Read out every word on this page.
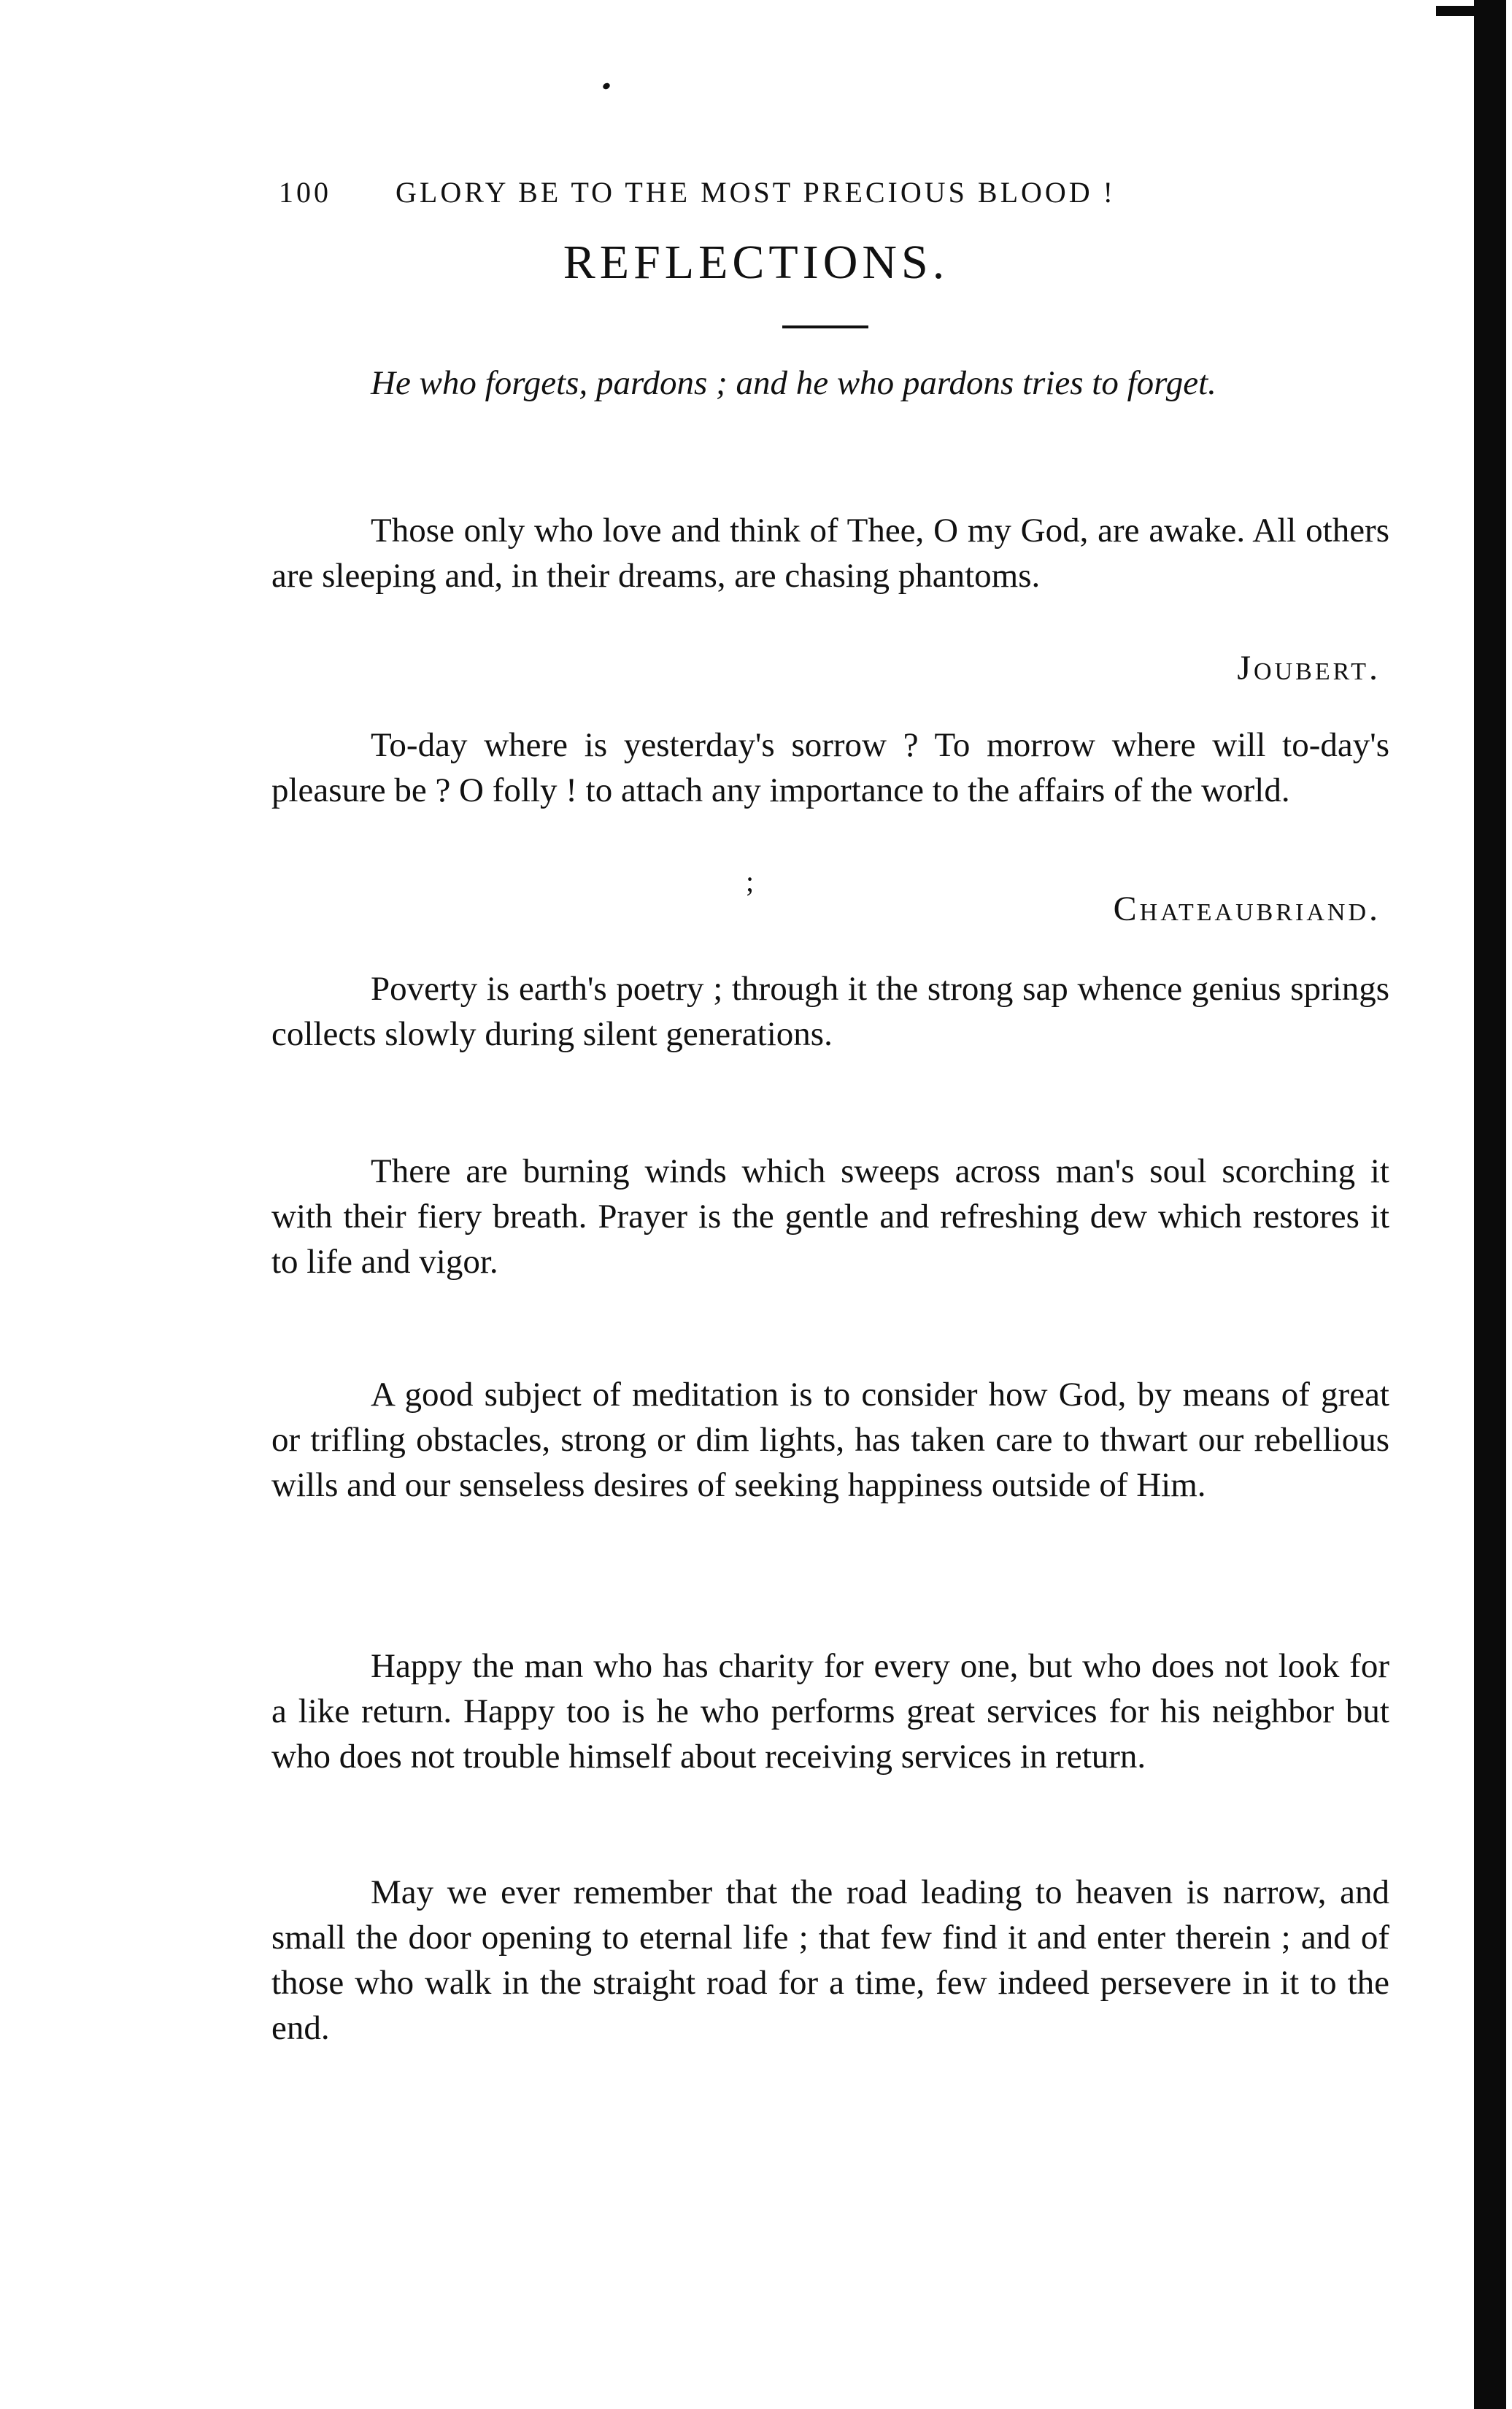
100 GLORY BE TO THE MOST PRECIOUS BLOOD !
REFLECTIONS.

He who forgets, pardons ; and he who pardons tries to forget.

Those only who love and think of Thee, O my God, are awake. All others are sleeping and, in their dreams, are chasing phantoms.

Joubert.

To-day where is yesterday's sorrow ? To morrow where will to-day's pleasure be ? O folly ! to attach any importance to the affairs of the world.

;
Chateaubriand.

Poverty is earth's poetry ; through it the strong sap whence genius springs collects slowly during silent generations.

There are burning winds which sweeps across man's soul scorching it with their fiery breath. Prayer is the gentle and refreshing dew which restores it to life and vigor.

A good subject of meditation is to consider how God, by means of great or trifling obstacles, strong or dim lights, has taken care to thwart our rebellious wills and our senseless desires of seeking happiness outside of Him.

Happy the man who has charity for every one, but who does not look for a like return. Happy too is he who performs great services for his neighbor but who does not trouble himself about receiving services in return.

May we ever remember that the road leading to heaven is narrow, and small the door opening to eternal life ; that few find it and enter therein ; and of those who walk in the straight road for a time, few indeed persevere in it to the end.
